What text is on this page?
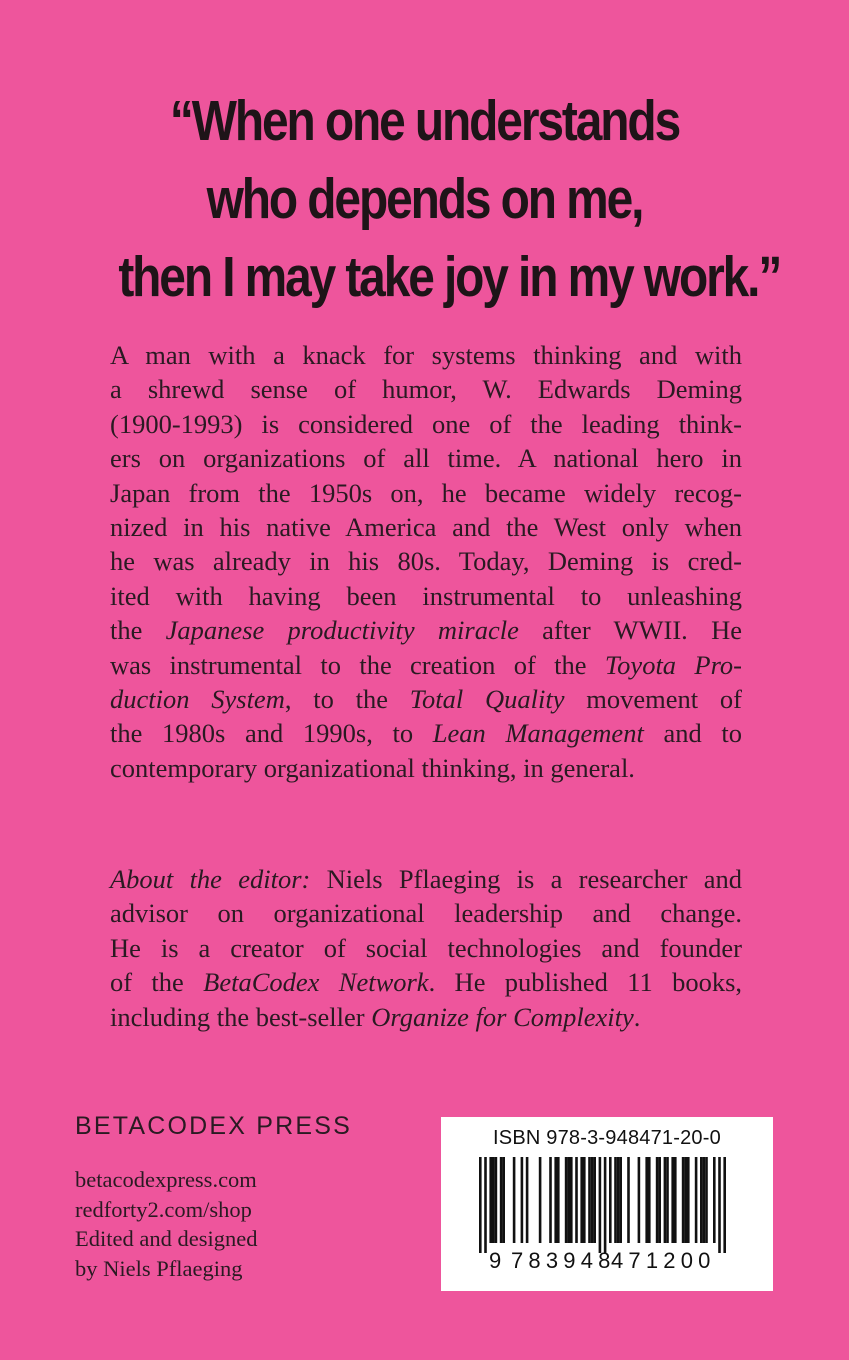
“When one understands
who depends on me,
then I may take joy in my work.”
A man with a knack for systems thinking and with
a shrewd sense of humor, W. Edwards Deming
(1900-1993) is considered one of the leading think-
ers on organizations of all time. A national hero in
Japan from the 1950s on, he became widely recog-
nized in his native America and the West only when
he was already in his 80s. Today, Deming is cred-
ited with having been instrumental to unleashing
the Japanese productivity miracle after WWII. He
was instrumental to the creation of the Toyota Pro-
duction System, to the Total Quality movement of
the 1980s and 1990s, to Lean Management and to
contemporary organizational thinking, in general.
About the editor: Niels Pflaeging is a researcher and
advisor on organizational leadership and change.
He is a creator of social technologies and founder
of the BetaCodex Network. He published 11 books,
including the best-seller Organize for Complexity.
BETACODEX PRESS
betacodexpress.com
redforty2.com/shop
Edited and designed
by Niels Pflaeging
ISBN 978-3-948471-20-0
9 783948
471200
